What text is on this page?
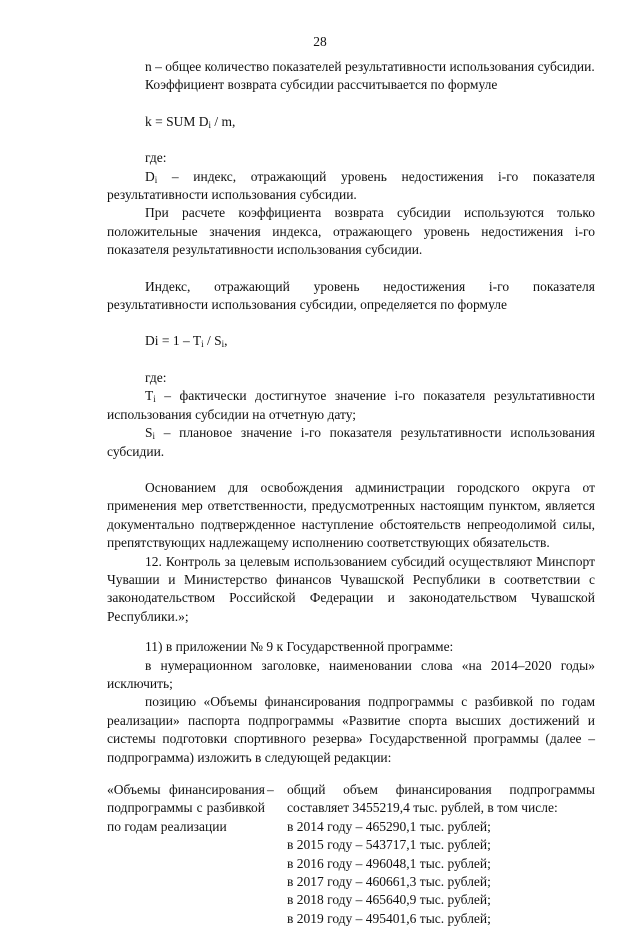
28

n – общее количество показателей результативности использования субсидии.

Коэффициент возврата субсидии рассчитывается по формуле

k = SUM $D_i$ / m,

где:

$D_i$ – индекс, отражающий уровень недостижения i-го показателя результативности использования субсидии.

При расчете коэффициента возврата субсидии используются только положительные значения индекса, отражающего уровень недостижения i-го показателя результативности использования субсидии.

Индекс, отражающий уровень недостижения i-го показателя результативности использования субсидии, определяется по формуле

$Di = 1 - T_i / S_i$,

где:

$T_i$ – фактически достигнутое значение i-го показателя результативности использования субсидии на отчетную дату;

$S_i$ – плановое значение i-го показателя результативности использования субсидии.

Основанием для освобождения администрации городского округа от применения мер ответственности, предусмотренных настоящим пунктом, является документально подтвержденное наступление обстоятельств непреодолимой силы, препятствующих надлежащему исполнению соответствующих обязательств.

12. Контроль за целевым использованием субсидий осуществляют Минспорт Чувашии и Министерство финансов Чувашской Республики в соответствии с законодательством Российской Федерации и законодательством Чувашской Республики.»;

11) в приложении № 9 к Государственной программе:

в нумерационном заголовке, наименовании слова «на 2014–2020 годы» исключить;

позицию «Объемы финансирования подпрограммы с разбивкой по годам реализации» паспорта подпрограммы «Развитие спорта высших достижений и системы подготовки спортивного резерва» Государственной программы (далее – подпрограмма) изложить в следующей редакции:

«Объемы финансирования подпрограммы с разбивкой по годам реализации

общий объем финансирования подпрограммы составляет 3455219,4 тыс. рублей, в том числе:

в 2014 году – 465290,1 тыс. рублей;

в 2015 году – 543717,1 тыс. рублей;

в 2016 году – 496048,1 тыс. рублей;

в 2017 году – 460661,3 тыс. рублей;

в 2018 году – 465640,9 тыс. рублей;

в 2019 году – 495401,6 тыс. рублей;

–
